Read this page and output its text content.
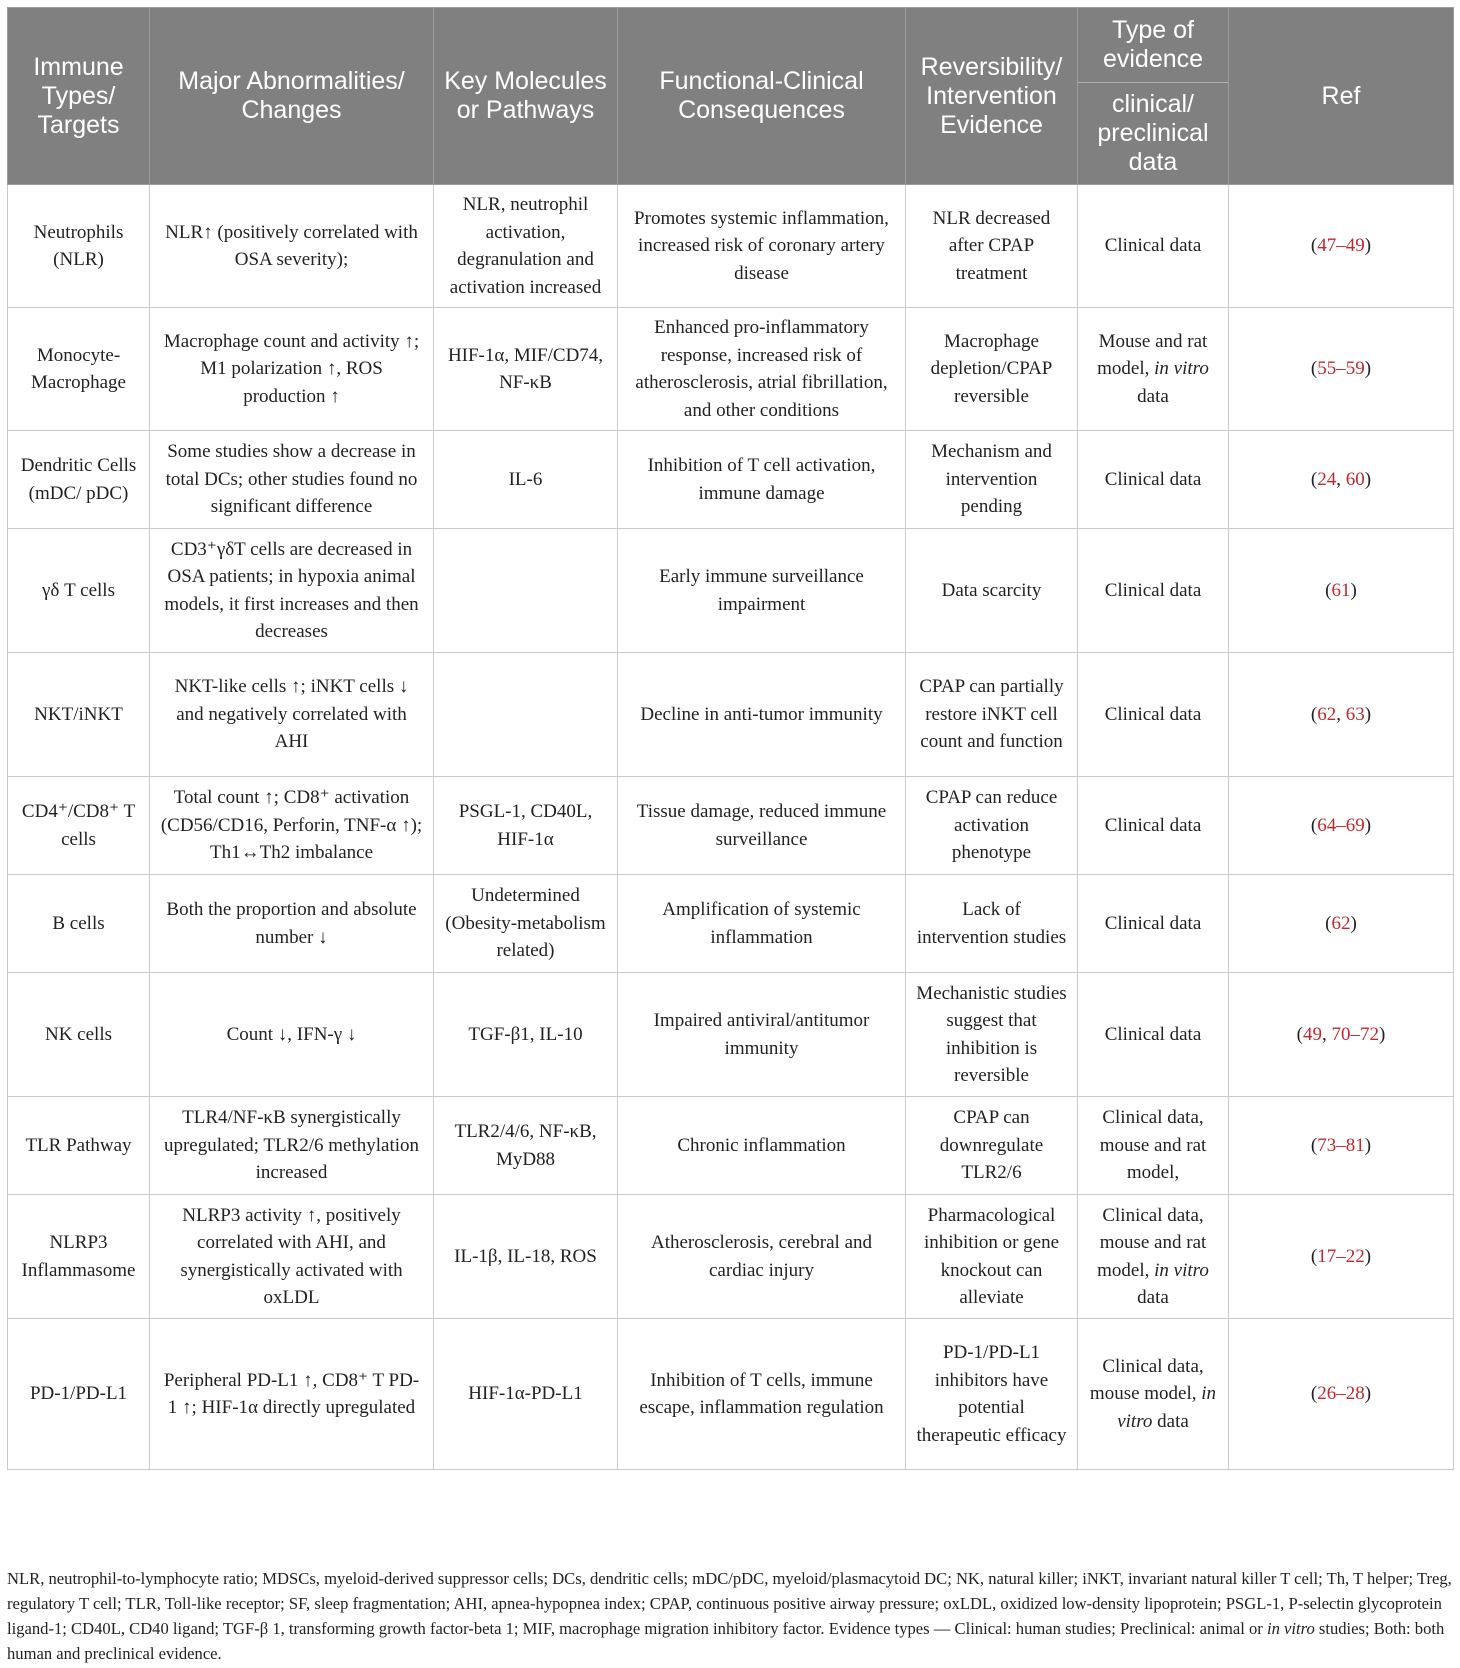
Immune Types/ Targets	Major Abnormalities/ Changes	Key Molecules or Pathways	Functional-Clinical Consequences	Reversibility/ Intervention Evidence	Type of evidence	Ref
					clinical/ preclinical data	
Neutrophils (NLR)	NLR↑ (positively correlated with OSA severity);	NLR, neutrophil activation, degranulation and activation increased	Promotes systemic inflammation, increased risk of coronary artery disease	NLR decreased after CPAP treatment	Clinical data	(47–49)
Monocyte-Macrophage	Macrophage count and activity ↑; M1 polarization ↑, ROS production ↑	HIF-1α, MIF/CD74, NF-κB	Enhanced pro-inflammatory response, increased risk of atherosclerosis, atrial fibrillation, and other conditions	Macrophage depletion/CPAP reversible	Mouse and rat model, in vitro data	(55–59)
Dendritic Cells (mDC/ pDC)	Some studies show a decrease in total DCs; other studies found no significant difference	IL-6	Inhibition of T cell activation, immune damage	Mechanism and intervention pending	Clinical data	(24, 60)
γδ T cells	CD3⁺γδT cells are decreased in OSA patients; in hypoxia animal models, it first increases and then decreases		Early immune surveillance impairment	Data scarcity	Clinical data	(61)
NKT/iNKT	NKT-like cells ↑; iNKT cells ↓ and negatively correlated with AHI		Decline in anti-tumor immunity	CPAP can partially restore iNKT cell count and function	Clinical data	(62, 63)
CD4⁺/CD8⁺ T cells	Total count ↑; CD8⁺ activation (CD56/CD16, Perforin, TNF-α ↑); Th1↔Th2 imbalance	PSGL-1, CD40L, HIF-1α	Tissue damage, reduced immune surveillance	CPAP can reduce activation phenotype	Clinical data	(64–69)
B cells	Both the proportion and absolute number ↓	Undetermined (Obesity-metabolism related)	Amplification of systemic inflammation	Lack of intervention studies	Clinical data	(62)
NK cells	Count ↓, IFN-γ ↓	TGF-β1, IL-10	Impaired antiviral/antitumor immunity	Mechanistic studies suggest that inhibition is reversible	Clinical data	(49, 70–72)
TLR Pathway	TLR4/NF-κB synergistically upregulated; TLR2/6 methylation increased	TLR2/4/6, NF-κB, MyD88	Chronic inflammation	CPAP can downregulate TLR2/6	Clinical data, mouse and rat model,	(73–81)
NLRP3 Inflammasome	NLRP3 activity ↑, positively correlated with AHI, and synergistically activated with oxLDL	IL-1β, IL-18, ROS	Atherosclerosis, cerebral and cardiac injury	Pharmacological inhibition or gene knockout can alleviate	Clinical data, mouse and rat model, in vitro data	(17–22)
PD-1/PD-L1	Peripheral PD-L1 ↑, CD8⁺ T PD-1 ↑; HIF-1α directly upregulated	HIF-1α-PD-L1	Inhibition of T cells, immune escape, inflammation regulation	PD-1/PD-L1 inhibitors have potential therapeutic efficacy	Clinical data, mouse model, in vitro data	(26–28)
NLR, neutrophil-to-lymphocyte ratio; MDSCs, myeloid-derived suppressor cells; DCs, dendritic cells; mDC/pDC, myeloid/plasmacytoid DC; NK, natural killer; iNKT, invariant natural killer T cell; Th, T helper; Treg, regulatory T cell; TLR, Toll-like receptor; SF, sleep fragmentation; AHI, apnea-hypopnea index; CPAP, continuous positive airway pressure; oxLDL, oxidized low-density lipoprotein; PSGL-1, P-selectin glycoprotein ligand-1; CD40L, CD40 ligand; TGF-β 1, transforming growth factor-beta 1; MIF, macrophage migration inhibitory factor. Evidence types — Clinical: human studies; Preclinical: animal or in vitro studies; Both: both human and preclinical evidence.
